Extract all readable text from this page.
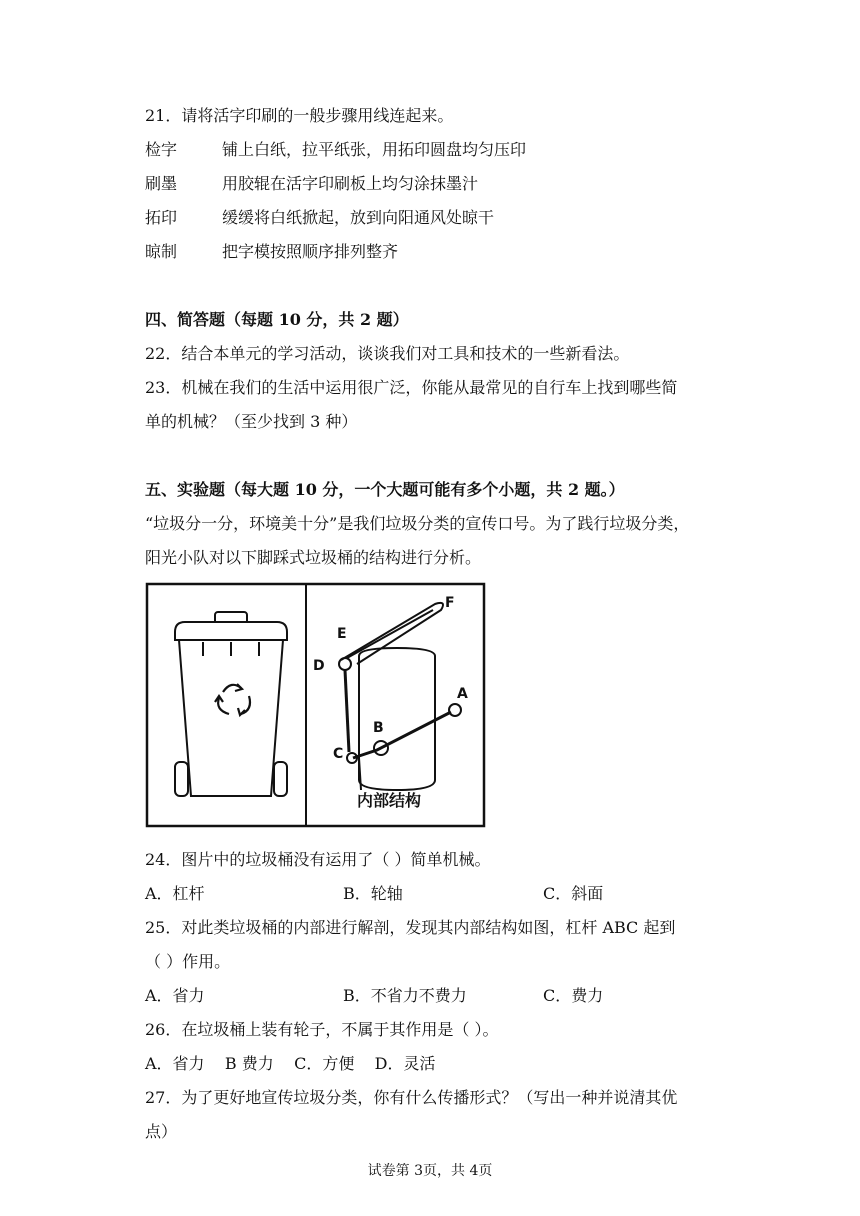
21．请将活字印刷的一般步骤用线连起来。
检字	铺上白纸，拉平纸张，用拓印圆盘均匀压印
刷墨	用胶辊在活字印刷板上均匀涂抹墨汁
拓印	缓缓将白纸掀起，放到向阳通风处晾干
晾制	把字模按照顺序排列整齐
四、简答题（每题 10 分，共 2 题）
22．结合本单元的学习活动，谈谈我们对工具和技术的一些新看法。
23．机械在我们的生活中运用很广泛，你能从最常见的自行车上找到哪些简
单的机械？（至少找到 3 种）
五、实验题（每大题 10 分，一个大题可能有多个小题，共 2 题。）
“垃圾分一分，环境美十分”是我们垃圾分类的宣传口号。为了践行垃圾分类，
阳光小队对以下脚踩式垃圾桶的结构进行分析。
F
E
D
A
B
C
内部结构
24．图片中的垃圾桶没有运用了（ ）简单机械。
A．杠杆	B．轮轴	C．斜面
25．对此类垃圾桶的内部进行解剖，发现其内部结构如图，杠杆 ABC 起到
（ ）作用。
A．省力	B．不省力不费力	C．费力
26．在垃圾桶上装有轮子，不属于其作用是（ ）。
A．省力    B 费力    C．方便    D．灵活
27．为了更好地宣传垃圾分类，你有什么传播形式？（写出一种并说清其优
点）
试卷第 3页，共 4页
